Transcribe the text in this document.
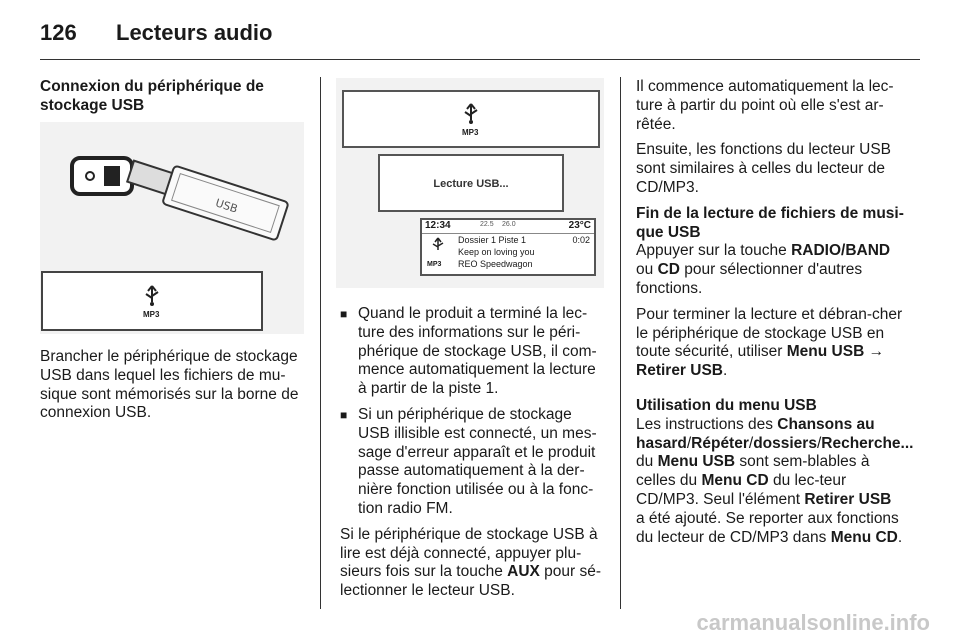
126 Lecteurs audio
Connexion du périphérique de stockage USB
USB
MP3

Brancher le périphérique de stockage USB dans lequel les fichiers de mu-sique sont mémorisés sur la borne de connexion USB.

MP3
Lecture USB...
12:34	22.5 26.0	23°C
MP3
Dossier 1 Piste 1	0:02
Keep on loving you
REO Speedwagon
■ Quand le produit a terminé la lec-ture des informations sur le péri-phérique de stockage USB, il com-mence automatiquement la lecture à partir de la piste 1.
■ Si un périphérique de stockage USB illisible est connecté, un mes-sage d'erreur apparaît et le produit passe automatiquement à la der-nière fonction utilisée ou à la fonc-tion radio FM.

Si le périphérique de stockage USB à lire est déjà connecté, appuyer plu-sieurs fois sur la touche AUX pour sé-lectionner le lecteur USB.

Il commence automatiquement la lec-ture à partir du point où elle s'est ar-rêtée.

Ensuite, les fonctions du lecteur USB sont similaires à celles du lecteur de CD/MP3.

Fin de la lecture de fichiers de musi-que USB

Appuyer sur la touche RADIO/BAND ou CD pour sélectionner d'autres fonctions.

Pour terminer la lecture et débran-cher le périphérique de stockage USB en toute sécurité, utiliser Menu USB → Retirer USB.

Utilisation du menu USB

Les instructions des Chansons au hasard/Répéter/dossiers/Recherche... du Menu USB sont sem-blables à celles du Menu CD du lec-teur CD/MP3. Seul l'élément Retirer USB a été ajouté. Se reporter aux fonctions du lecteur de CD/MP3 dans Menu CD.

carmanualsonline.info
